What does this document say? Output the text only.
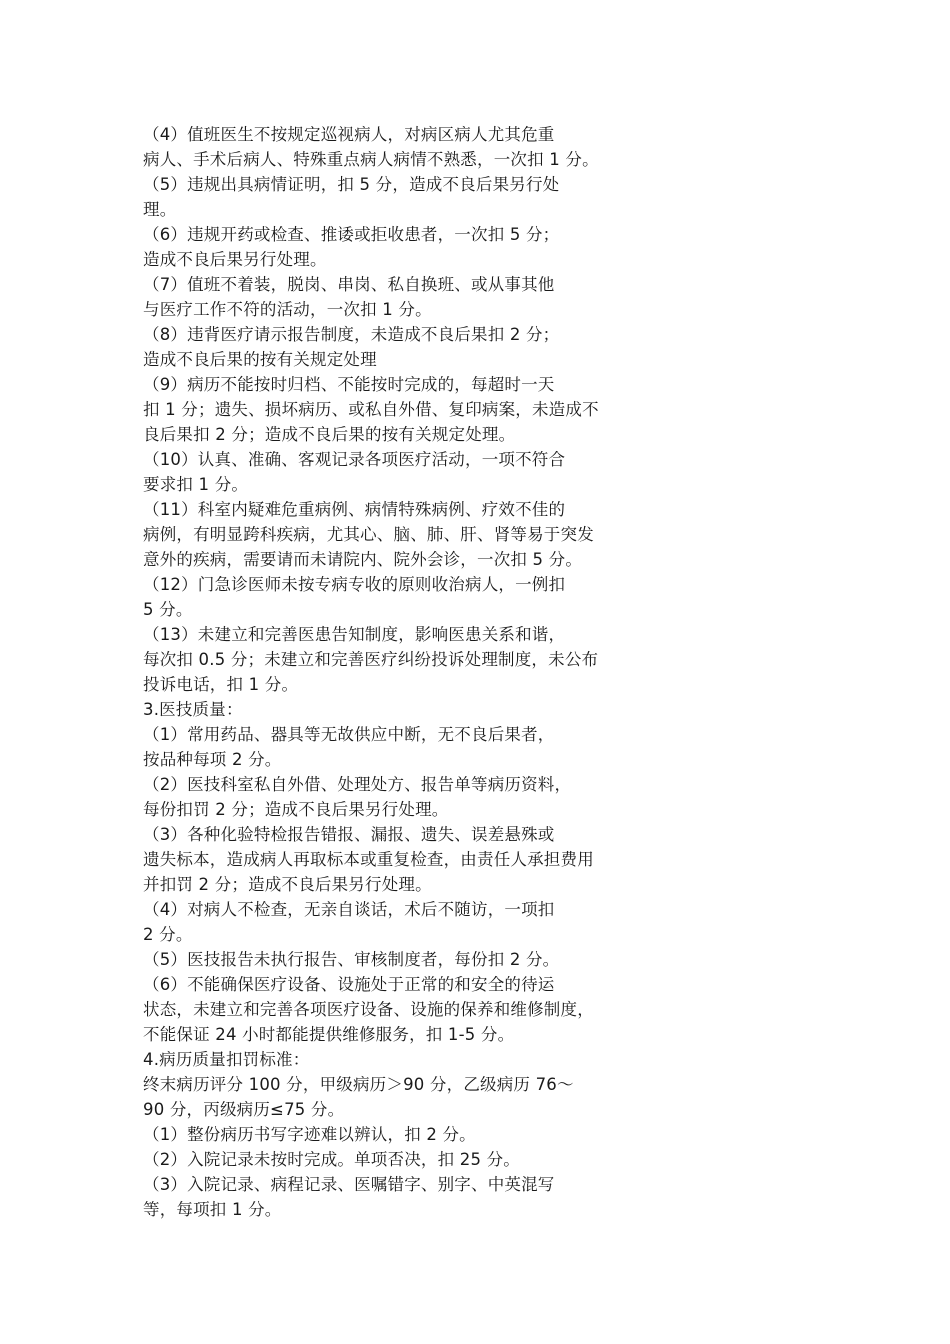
（4）值班医生不按规定巡视病人，对病区病人尤其危重
病人、手术后病人、特殊重点病人病情不熟悉，一次扣 1 分。
（5）违规出具病情证明，扣 5 分，造成不良后果另行处
理。
（6）违规开药或检查、推诿或拒收患者，一次扣 5 分；
造成不良后果另行处理。
（7）值班不着装，脱岗、串岗、私自换班、或从事其他
与医疗工作不符的活动，一次扣 1 分。
（8）违背医疗请示报告制度，未造成不良后果扣 2 分；
造成不良后果的按有关规定处理
（9）病历不能按时归档、不能按时完成的，每超时一天
扣 1 分；遗失、损坏病历、或私自外借、复印病案，未造成不
良后果扣 2 分；造成不良后果的按有关规定处理。
（10）认真、准确、客观记录各项医疗活动，一项不符合
要求扣 1 分。
（11）科室内疑难危重病例、病情特殊病例、疗效不佳的
病例，有明显跨科疾病，尤其心、脑、肺、肝、肾等易于突发
意外的疾病，需要请而未请院内、院外会诊，一次扣 5 分。
（12）门急诊医师未按专病专收的原则收治病人，一例扣
5 分。
（13）未建立和完善医患告知制度，影响医患关系和谐，
每次扣 0.5 分；未建立和完善医疗纠纷投诉处理制度，未公布
投诉电话，扣 1 分。
3.医技质量：
（1）常用药品、器具等无故供应中断，无不良后果者，
按品种每项 2 分。
（2）医技科室私自外借、处理处方、报告单等病历资料，
每份扣罚 2 分；造成不良后果另行处理。
（3）各种化验特检报告错报、漏报、遗失、误差悬殊或
遗失标本，造成病人再取标本或重复检查，由责任人承担费用
并扣罚 2 分；造成不良后果另行处理。
（4）对病人不检查，无亲自谈话，术后不随访，一项扣
2 分。
（5）医技报告未执行报告、审核制度者，每份扣 2 分。
（6）不能确保医疗设备、设施处于正常的和安全的待运
状态，未建立和完善各项医疗设备、设施的保养和维修制度，
不能保证 24 小时都能提供维修服务，扣 1-5 分。
4.病历质量扣罚标准：
终末病历评分 100 分，甲级病历＞90 分，乙级病历 76～
90 分，丙级病历≤75 分。
（1）整份病历书写字迹难以辨认，扣 2 分。
（2）入院记录未按时完成。单项否决，扣 25 分。
（3）入院记录、病程记录、医嘱错字、别字、中英混写
等，每项扣 1 分。
